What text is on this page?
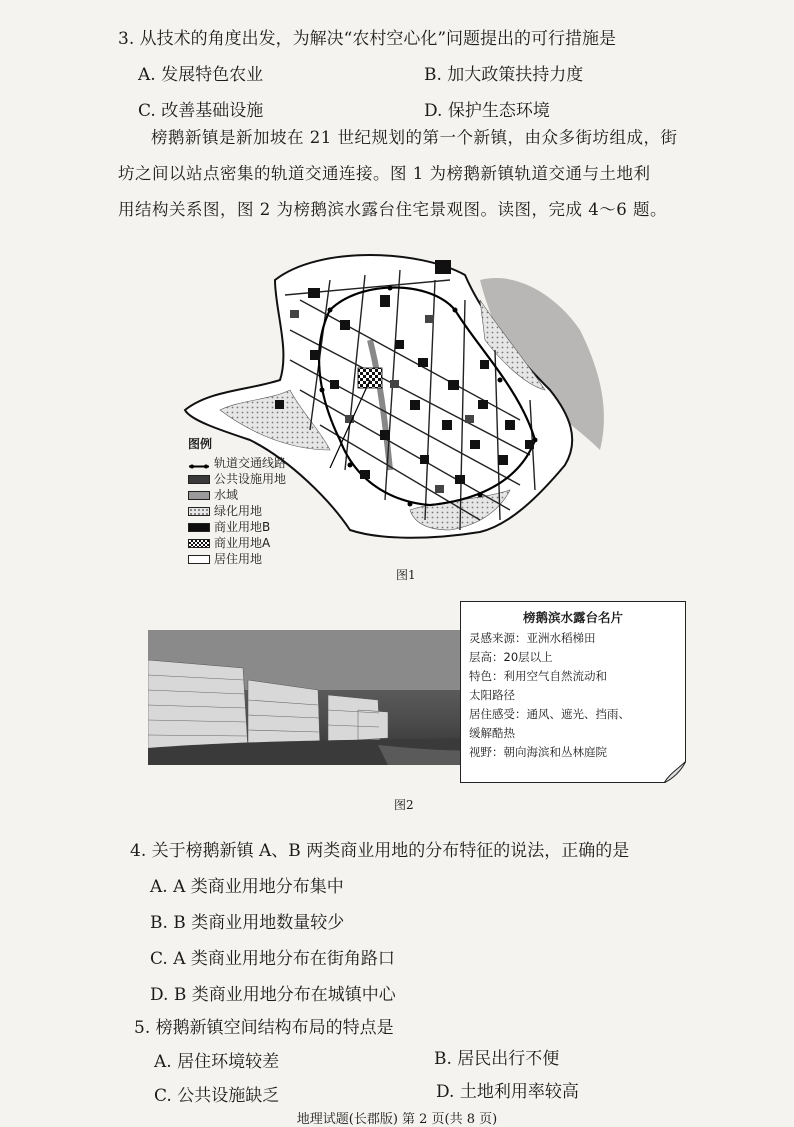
3. 从技术的角度出发，为解决“农村空心化”问题提出的可行措施是
A. 发展特色农业	B. 加大政策扶持力度
C. 改善基础设施	D. 保护生态环境

榜鹅新镇是新加坡在 21 世纪规划的第一个新镇，由众多街坊组成，街

坊之间以站点密集的轨道交通连接。图 1 为榜鹅新镇轨道交通与土地利
用结构关系图，图 2 为榜鹅滨水露台住宅景观图。读图，完成 4～6 题。
图例
轨道交通线路
公共设施用地
水域
绿化用地
商业用地B
商业用地A
居住用地
图1
榜鹅滨水露台名片
灵感来源：亚洲水稻梯田
层高：20层以上
特色：利用空气自然流动和
太阳路径
居住感受：通风、遮光、挡雨、
缓解酷热
视野：朝向海滨和丛林庭院
图2
4. 关于榜鹅新镇 A、B 两类商业用地的分布特征的说法，正确的是
A. A 类商业用地分布集中
B. B 类商业用地数量较少
C. A 类商业用地分布在街角路口
D. B 类商业用地分布在城镇中心
5. 榜鹅新镇空间结构布局的特点是
A. 居住环境较差	B. 居民出行不便
C. 公共设施缺乏	D. 土地利用率较高
地理试题(长郡版) 第 2 页(共 8 页)
